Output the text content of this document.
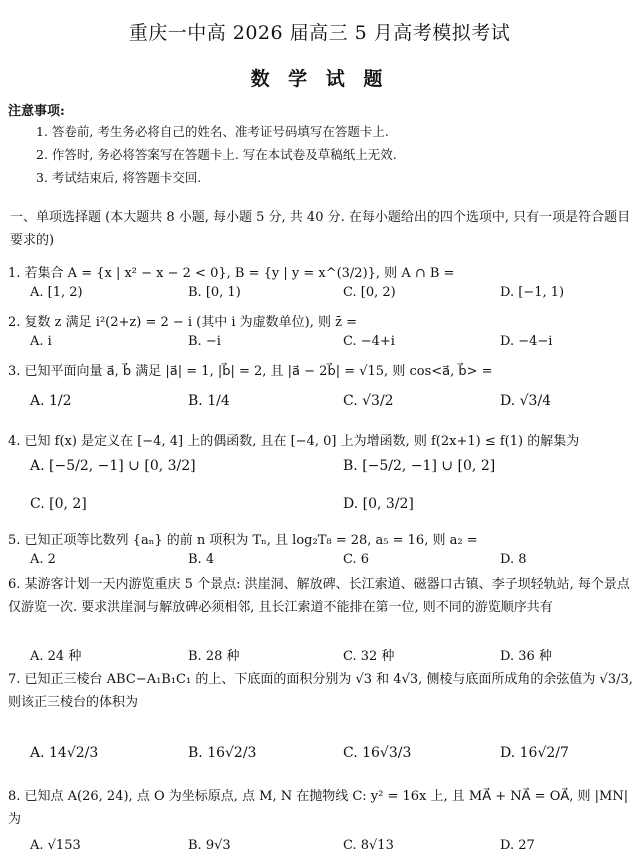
重庆一中高 2026 届高三 5 月高考模拟考试
数 学 试 题
注意事项:
1. 答卷前, 考生务必将自己的姓名、准考证号码填写在答题卡上.
2. 作答时, 务必将答案写在答题卡上. 写在本试卷及草稿纸上无效.
3. 考试结束后, 将答题卡交回.
一、单项选择题 (本大题共 8 小题, 每小题 5 分, 共 40 分. 在每小题给出的四个选项中, 只有一项是符合题目要求的)
1. 若集合 A = {x | x² − x − 2 < 0}, B = {y | y = x^(3/2)}, 则 A ∩ B =
A. [1, 2)	B. [0, 1)	C. [0, 2)	D. [−1, 1)
2. 复数 z 满足 i²(2+z) = 2 − i (其中 i 为虚数单位), 则 z̄ =
A. i	B. −i	C. −4+i	D. −4−i
3. 已知平面向量 a⃗, b⃗ 满足 |a⃗| = 1, |b⃗| = 2, 且 |a⃗ − 2b⃗| = √15, 则 cos<a⃗, b⃗> =
A. 1/2	B. 1/4	C. √3/2	D. √3/4
4. 已知 f(x) 是定义在 [−4, 4] 上的偶函数, 且在 [−4, 0] 上为增函数, 则 f(2x+1) ≤ f(1) 的解集为
A. [−5/2, −1] ∪ [0, 3/2]	B. [−5/2, −1] ∪ [0, 2]
C. [0, 2]	D. [0, 3/2]
5. 已知正项等比数列 {aₙ} 的前 n 项积为 Tₙ, 且 log₂T₈ = 28, a₅ = 16, 则 a₂ =
A. 2	B. 4	C. 6	D. 8
6. 某游客计划一天内游览重庆 5 个景点: 洪崖洞、解放碑、长江索道、磁器口古镇、李子坝轻轨站, 每个景点仅游览一次. 要求洪崖洞与解放碑必须相邻, 且长江索道不能排在第一位, 则不同的游览顺序共有
A. 24 种	B. 28 种	C. 32 种	D. 36 种
7. 已知正三棱台 ABC−A₁B₁C₁ 的上、下底面的面积分别为 √3 和 4√3, 侧棱与底面所成角的余弦值为 √3/3, 则该正三棱台的体积为
A. 14√2/3	B. 16√2/3	C. 16√3/3	D. 16√2/7
8. 已知点 A(26, 24), 点 O 为坐标原点, 点 M, N 在抛物线 C: y² = 16x 上, 且 MA⃗ + NA⃗ = OA⃗, 则 |MN| 为
A. √153	B. 9√3	C. 8√13	D. 27
